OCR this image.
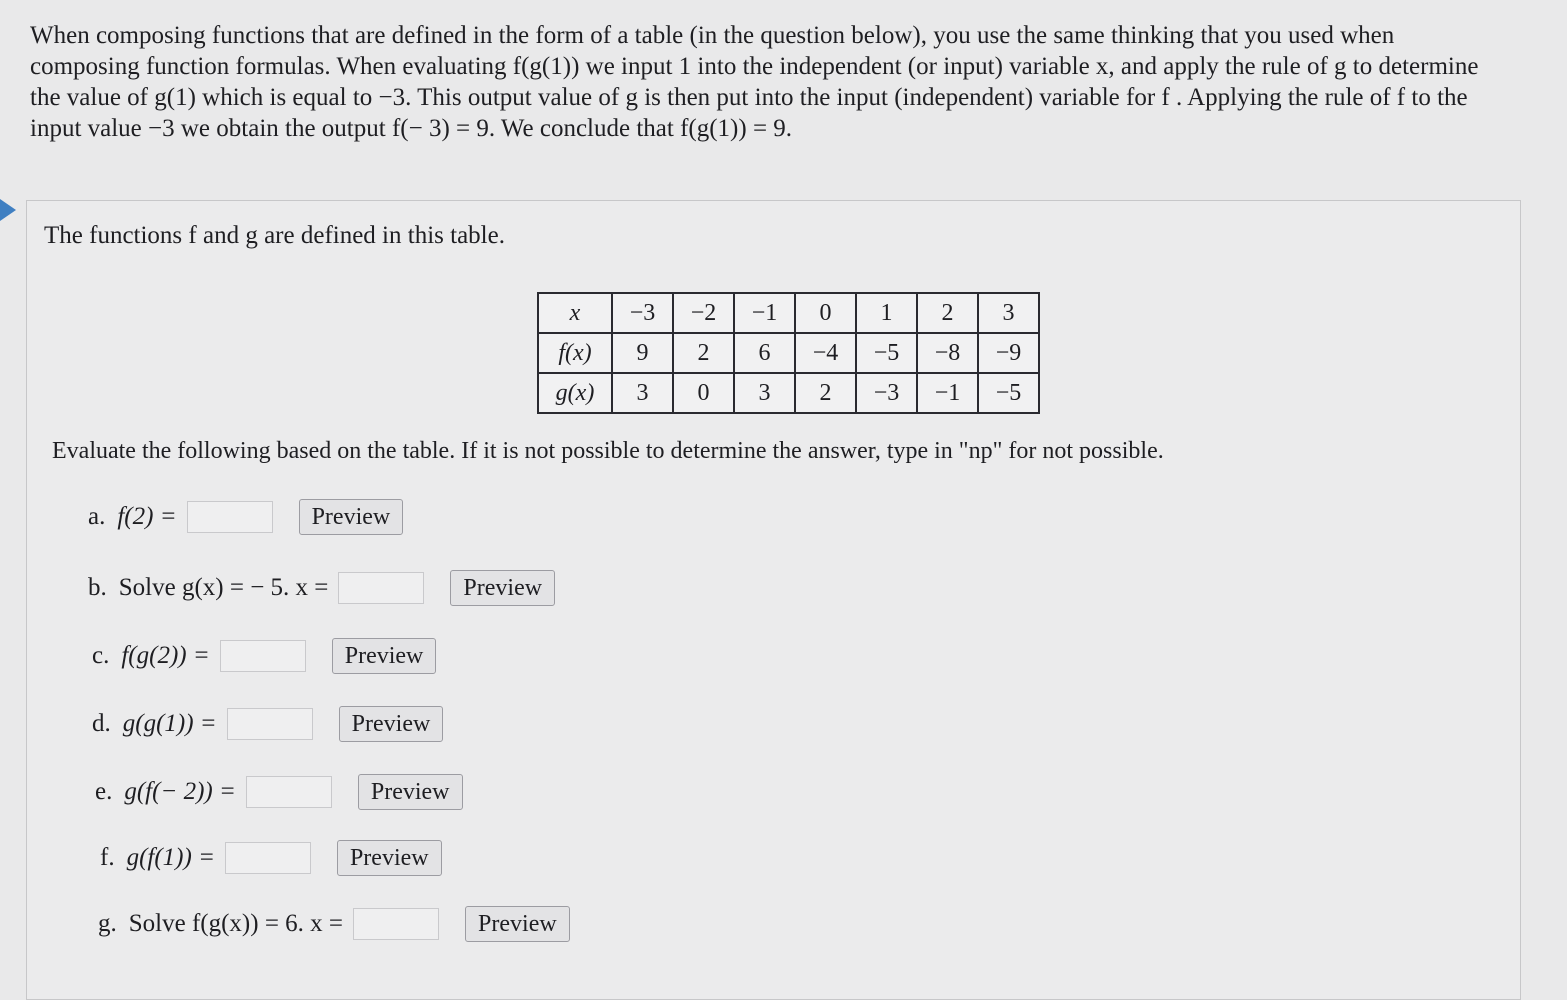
When composing functions that are defined in the form of a table (in the question below), you use the same thinking that you used when

composing function formulas. When evaluating f(g(1)) we input 1 into the independent (or input) variable x, and apply the rule of g to determine

the value of g(1) which is equal to −3. This output value of g is then put into the input (independent) variable for f . Applying the rule of f to the

input value −3 we obtain the output f(− 3) = 9. We conclude that f(g(1)) = 9.

The functions f and g are defined in this table.
x	−3	−2	−1	0	1	2	3
f(x)	9	2	6	−4	−5	−8	−9
g(x)	3	0	3	2	−3	−1	−5
Evaluate the following based on the table. If it is not possible to determine the answer, type in "np" for not possible.
a. f(2) =	Preview
b. Solve g(x) = − 5. x =	Preview
c. f(g(2)) =	Preview
d. g(g(1)) =	Preview
e. g(f(− 2)) =	Preview
f. g(f(1)) =	Preview
g. Solve f(g(x)) = 6. x =	Preview
